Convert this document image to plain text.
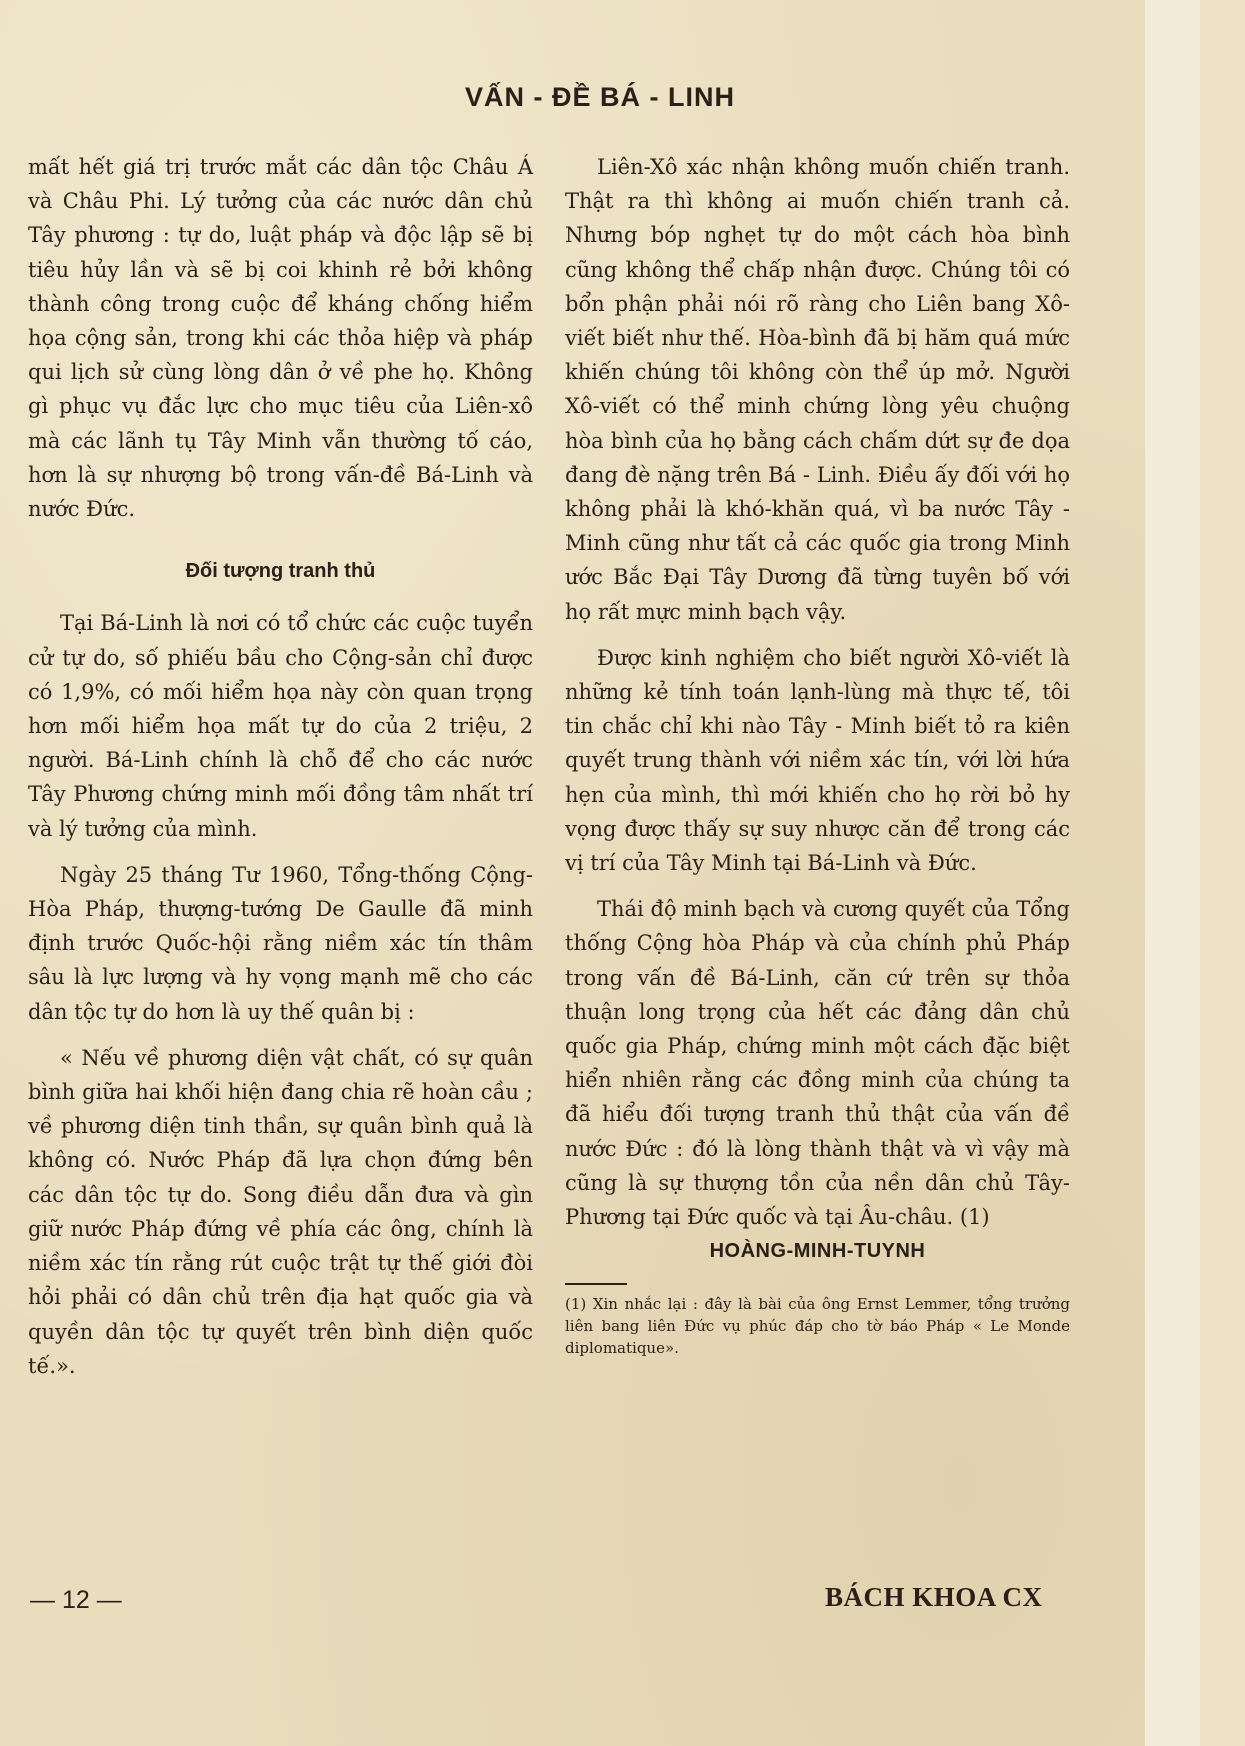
VẤN - ĐỀ BÁ - LINH

mất hết giá trị trước mắt các dân tộc Châu Á và Châu Phi. Lý tưởng của các nước dân chủ Tây phương : tự do, luật pháp và độc lập sẽ bị tiêu hủy lần và sẽ bị coi khinh rẻ bởi không thành công trong cuộc để kháng chống hiểm họa cộng sản, trong khi các thỏa hiệp và pháp qui lịch sử cùng lòng dân ở về phe họ. Không gì phục vụ đắc lực cho mục tiêu của Liên-xô mà các lãnh tụ Tây Minh vẫn thường tố cáo, hơn là sự nhượng bộ trong vấn-đề Bá-Linh và nước Đức.

Đối tượng tranh thủ

Tại Bá-Linh là nơi có tổ chức các cuộc tuyển cử tự do, số phiếu bầu cho Cộng-sản chỉ được có 1,9%, có mối hiểm họa này còn quan trọng hơn mối hiểm họa mất tự do của 2 triệu, 2 người. Bá-Linh chính là chỗ để cho các nước Tây Phương chứng minh mối đồng tâm nhất trí và lý tưởng của mình.

Ngày 25 tháng Tư 1960, Tổng-thống Cộng-Hòa Pháp, thượng-tướng De Gaulle đã minh định trước Quốc-hội rằng niềm xác tín thâm sâu là lực lượng và hy vọng mạnh mẽ cho các dân tộc tự do hơn là uy thế quân bị :

« Nếu về phương diện vật chất, có sự quân bình giữa hai khối hiện đang chia rẽ hoàn cầu ; về phương diện tinh thần, sự quân bình quả là không có. Nước Pháp đã lựa chọn đứng bên các dân tộc tự do. Song điều dẫn đưa và gìn giữ nước Pháp đứng về phía các ông, chính là niềm xác tín rằng rút cuộc trật tự thế giới đòi hỏi phải có dân chủ trên địa hạt quốc gia và quyền dân tộc tự quyết trên bình diện quốc tế.».

Liên-Xô xác nhận không muốn chiến tranh. Thật ra thì không ai muốn chiến tranh cả. Nhưng bóp nghẹt tự do một cách hòa bình cũng không thể chấp nhận được. Chúng tôi có bổn phận phải nói rõ ràng cho Liên bang Xô-viết biết như thế. Hòa-bình đã bị hăm quá mức khiến chúng tôi không còn thể úp mở. Người Xô-viết có thể minh chứng lòng yêu chuộng hòa bình của họ bằng cách chấm dứt sự đe dọa đang đè nặng trên Bá - Linh. Điều ấy đối với họ không phải là khó-khăn quá, vì ba nước Tây - Minh cũng như tất cả các quốc gia trong Minh ước Bắc Đại Tây Dương đã từng tuyên bố với họ rất mực minh bạch vậy.

Được kinh nghiệm cho biết người Xô-viết là những kẻ tính toán lạnh-lùng mà thực tế, tôi tin chắc chỉ khi nào Tây - Minh biết tỏ ra kiên quyết trung thành với niềm xác tín, với lời hứa hẹn của mình, thì mới khiến cho họ rời bỏ hy vọng được thấy sự suy nhược căn để trong các vị trí của Tây Minh tại Bá-Linh và Đức.

Thái độ minh bạch và cương quyết của Tổng thống Cộng hòa Pháp và của chính phủ Pháp trong vấn đề Bá-Linh, căn cứ trên sự thỏa thuận long trọng của hết các đảng dân chủ quốc gia Pháp, chứng minh một cách đặc biệt hiển nhiên rằng các đồng minh của chúng ta đã hiểu đối tượng tranh thủ thật của vấn đề nước Đức : đó là lòng thành thật và vì vậy mà cũng là sự thượng tồn của nền dân chủ Tây-Phương tại Đức quốc và tại Âu-châu. (1)

HOÀNG-MINH-TUYNH
(1) Xin nhắc lại : đây là bài của ông Ernst Lemmer, tổng trưởng liên bang liên Đức vụ phúc đáp cho tờ báo Pháp « Le Monde diplomatique».
— 12 —	BÁCH KHOA CX
